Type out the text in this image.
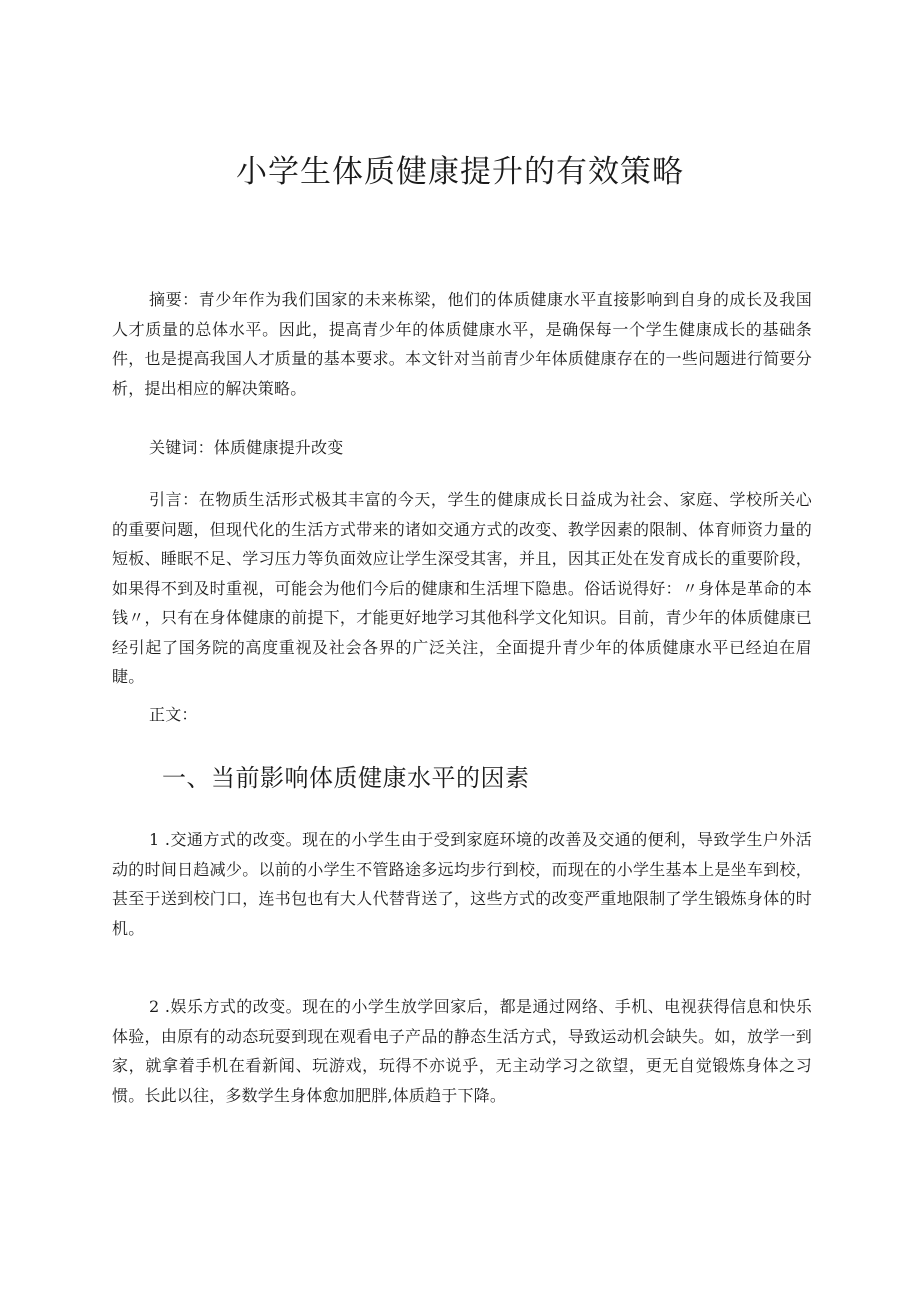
小学生体质健康提升的有效策略

摘要：青少年作为我们国家的未来栋梁，他们的体质健康水平直接影响到自身的成长及我国人才质量的总体水平。因此，提高青少年的体质健康水平，是确保每一个学生健康成长的基础条件，也是提高我国人才质量的基本要求。本文针对当前青少年体质健康存在的一些问题进行简要分析，提出相应的解决策略。

关键词：体质健康提升改变

引言：在物质生活形式极其丰富的今天，学生的健康成长日益成为社会、家庭、学校所关心的重要问题，但现代化的生活方式带来的诸如交通方式的改变、教学因素的限制、体育师资力量的短板、睡眠不足、学习压力等负面效应让学生深受其害，并且，因其正处在发育成长的重要阶段，如果得不到及时重视，可能会为他们今后的健康和生活埋下隐患。俗话说得好：〃身体是革命的本钱〃，只有在身体健康的前提下，才能更好地学习其他科学文化知识。目前，青少年的体质健康已经引起了国务院的高度重视及社会各界的广泛关注，全面提升青少年的体质健康水平已经迫在眉睫。

正文：

一、当前影响体质健康水平的因素

1 .交通方式的改变。现在的小学生由于受到家庭环境的改善及交通的便利，导致学生户外活动的时间日趋减少。以前的小学生不管路途多远均步行到校，而现在的小学生基本上是坐车到校，甚至于送到校门口，连书包也有大人代替背送了，这些方式的改变严重地限制了学生锻炼身体的时机。

2 .娱乐方式的改变。现在的小学生放学回家后，都是通过网络、手机、电视获得信息和快乐体验，由原有的动态玩耍到现在观看电子产品的静态生活方式，导致运动机会缺失。如，放学一到家，就拿着手机在看新闻、玩游戏，玩得不亦说乎，无主动学习之欲望，更无自觉锻炼身体之习惯。长此以往，多数学生身体愈加肥胖,体质趋于下降。
